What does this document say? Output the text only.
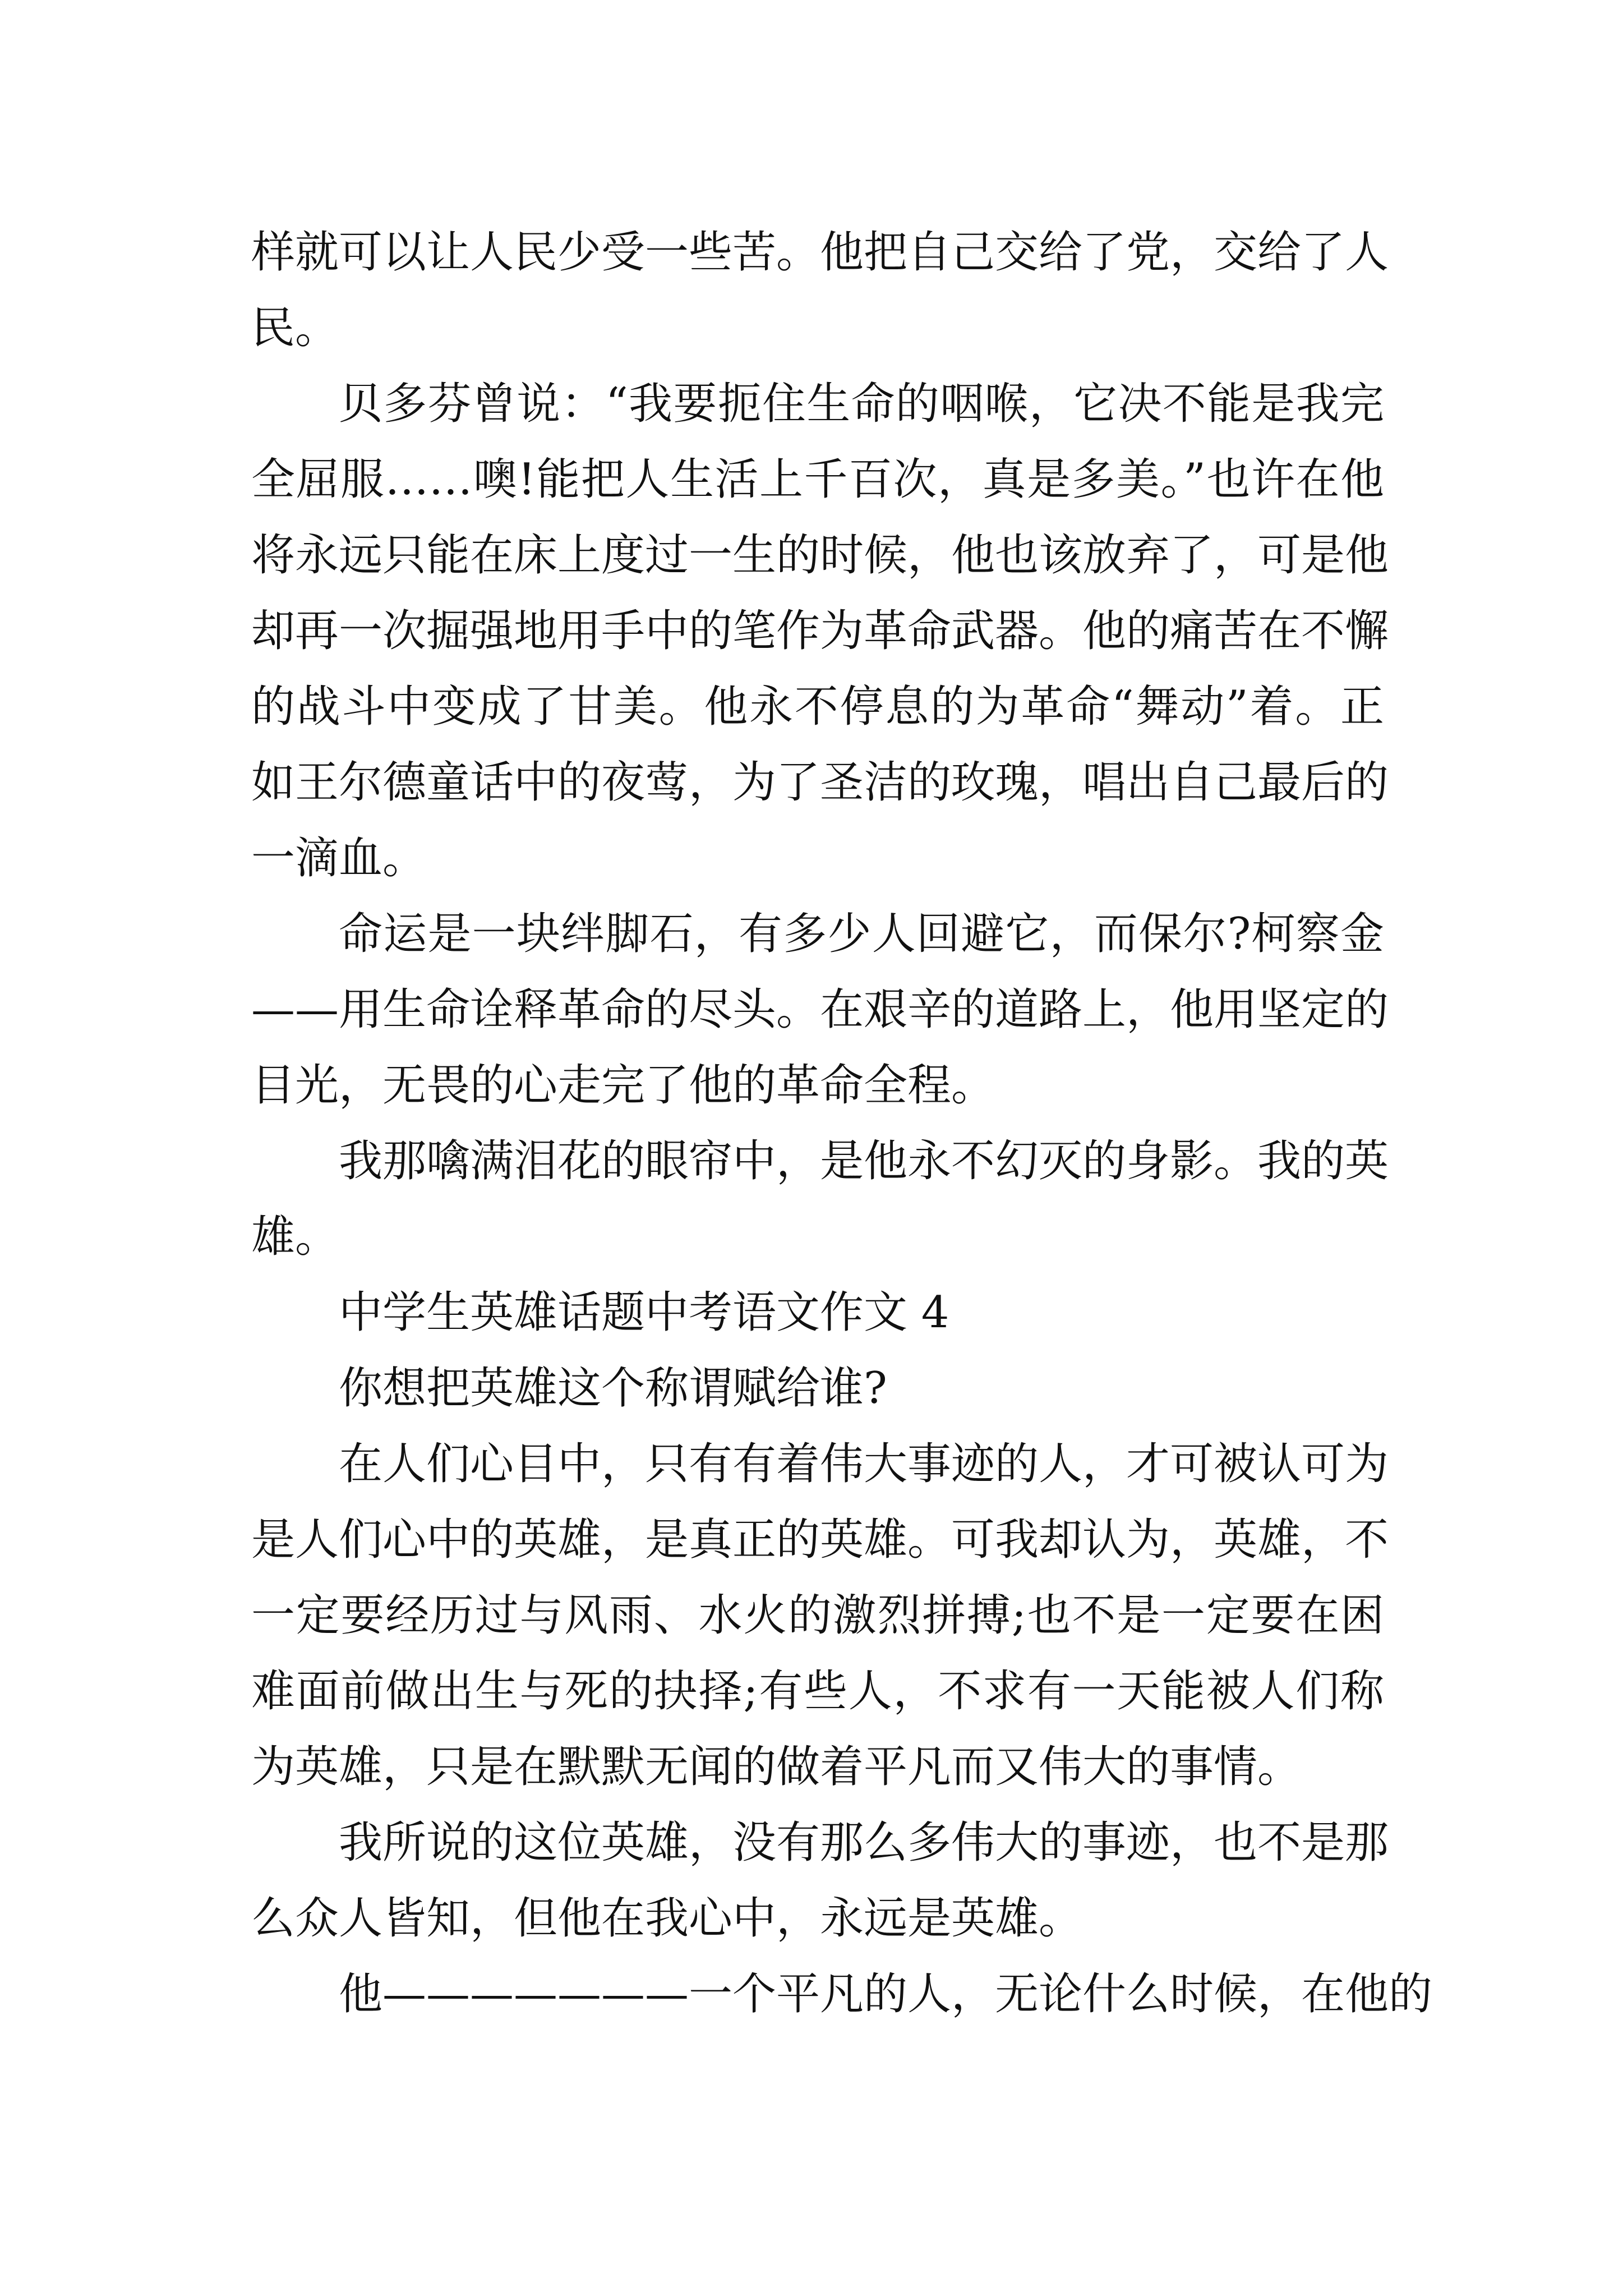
样就可以让人民少受一些苦。他把自己交给了党，交给了人
民。
贝多芬曾说：“我要扼住生命的咽喉，它决不能是我完
全屈服……噢!能把人生活上千百次，真是多美。”也许在他
将永远只能在床上度过一生的时候，他也该放弃了，可是他
却再一次掘强地用手中的笔作为革命武器。他的痛苦在不懈
的战斗中变成了甘美。他永不停息的为革命“舞动”着。正
如王尔德童话中的夜莺，为了圣洁的玫瑰，唱出自己最后的
一滴血。
命运是一块绊脚石，有多少人回避它，而保尔?柯察金
——用生命诠释革命的尽头。在艰辛的道路上，他用坚定的
目光，无畏的心走完了他的革命全程。
我那噙满泪花的眼帘中，是他永不幻灭的身影。我的英
雄。
中学生英雄话题中考语文作文 4
你想把英雄这个称谓赋给谁?
在人们心目中，只有有着伟大事迹的人，才可被认可为
是人们心中的英雄，是真正的英雄。可我却认为，英雄，不
一定要经历过与风雨、水火的激烈拼搏;也不是一定要在困
难面前做出生与死的抉择;有些人，不求有一天能被人们称
为英雄，只是在默默无闻的做着平凡而又伟大的事情。
我所说的这位英雄，没有那么多伟大的事迹，也不是那
么众人皆知，但他在我心中，永远是英雄。
他———————一个平凡的人，无论什么时候，在他的
